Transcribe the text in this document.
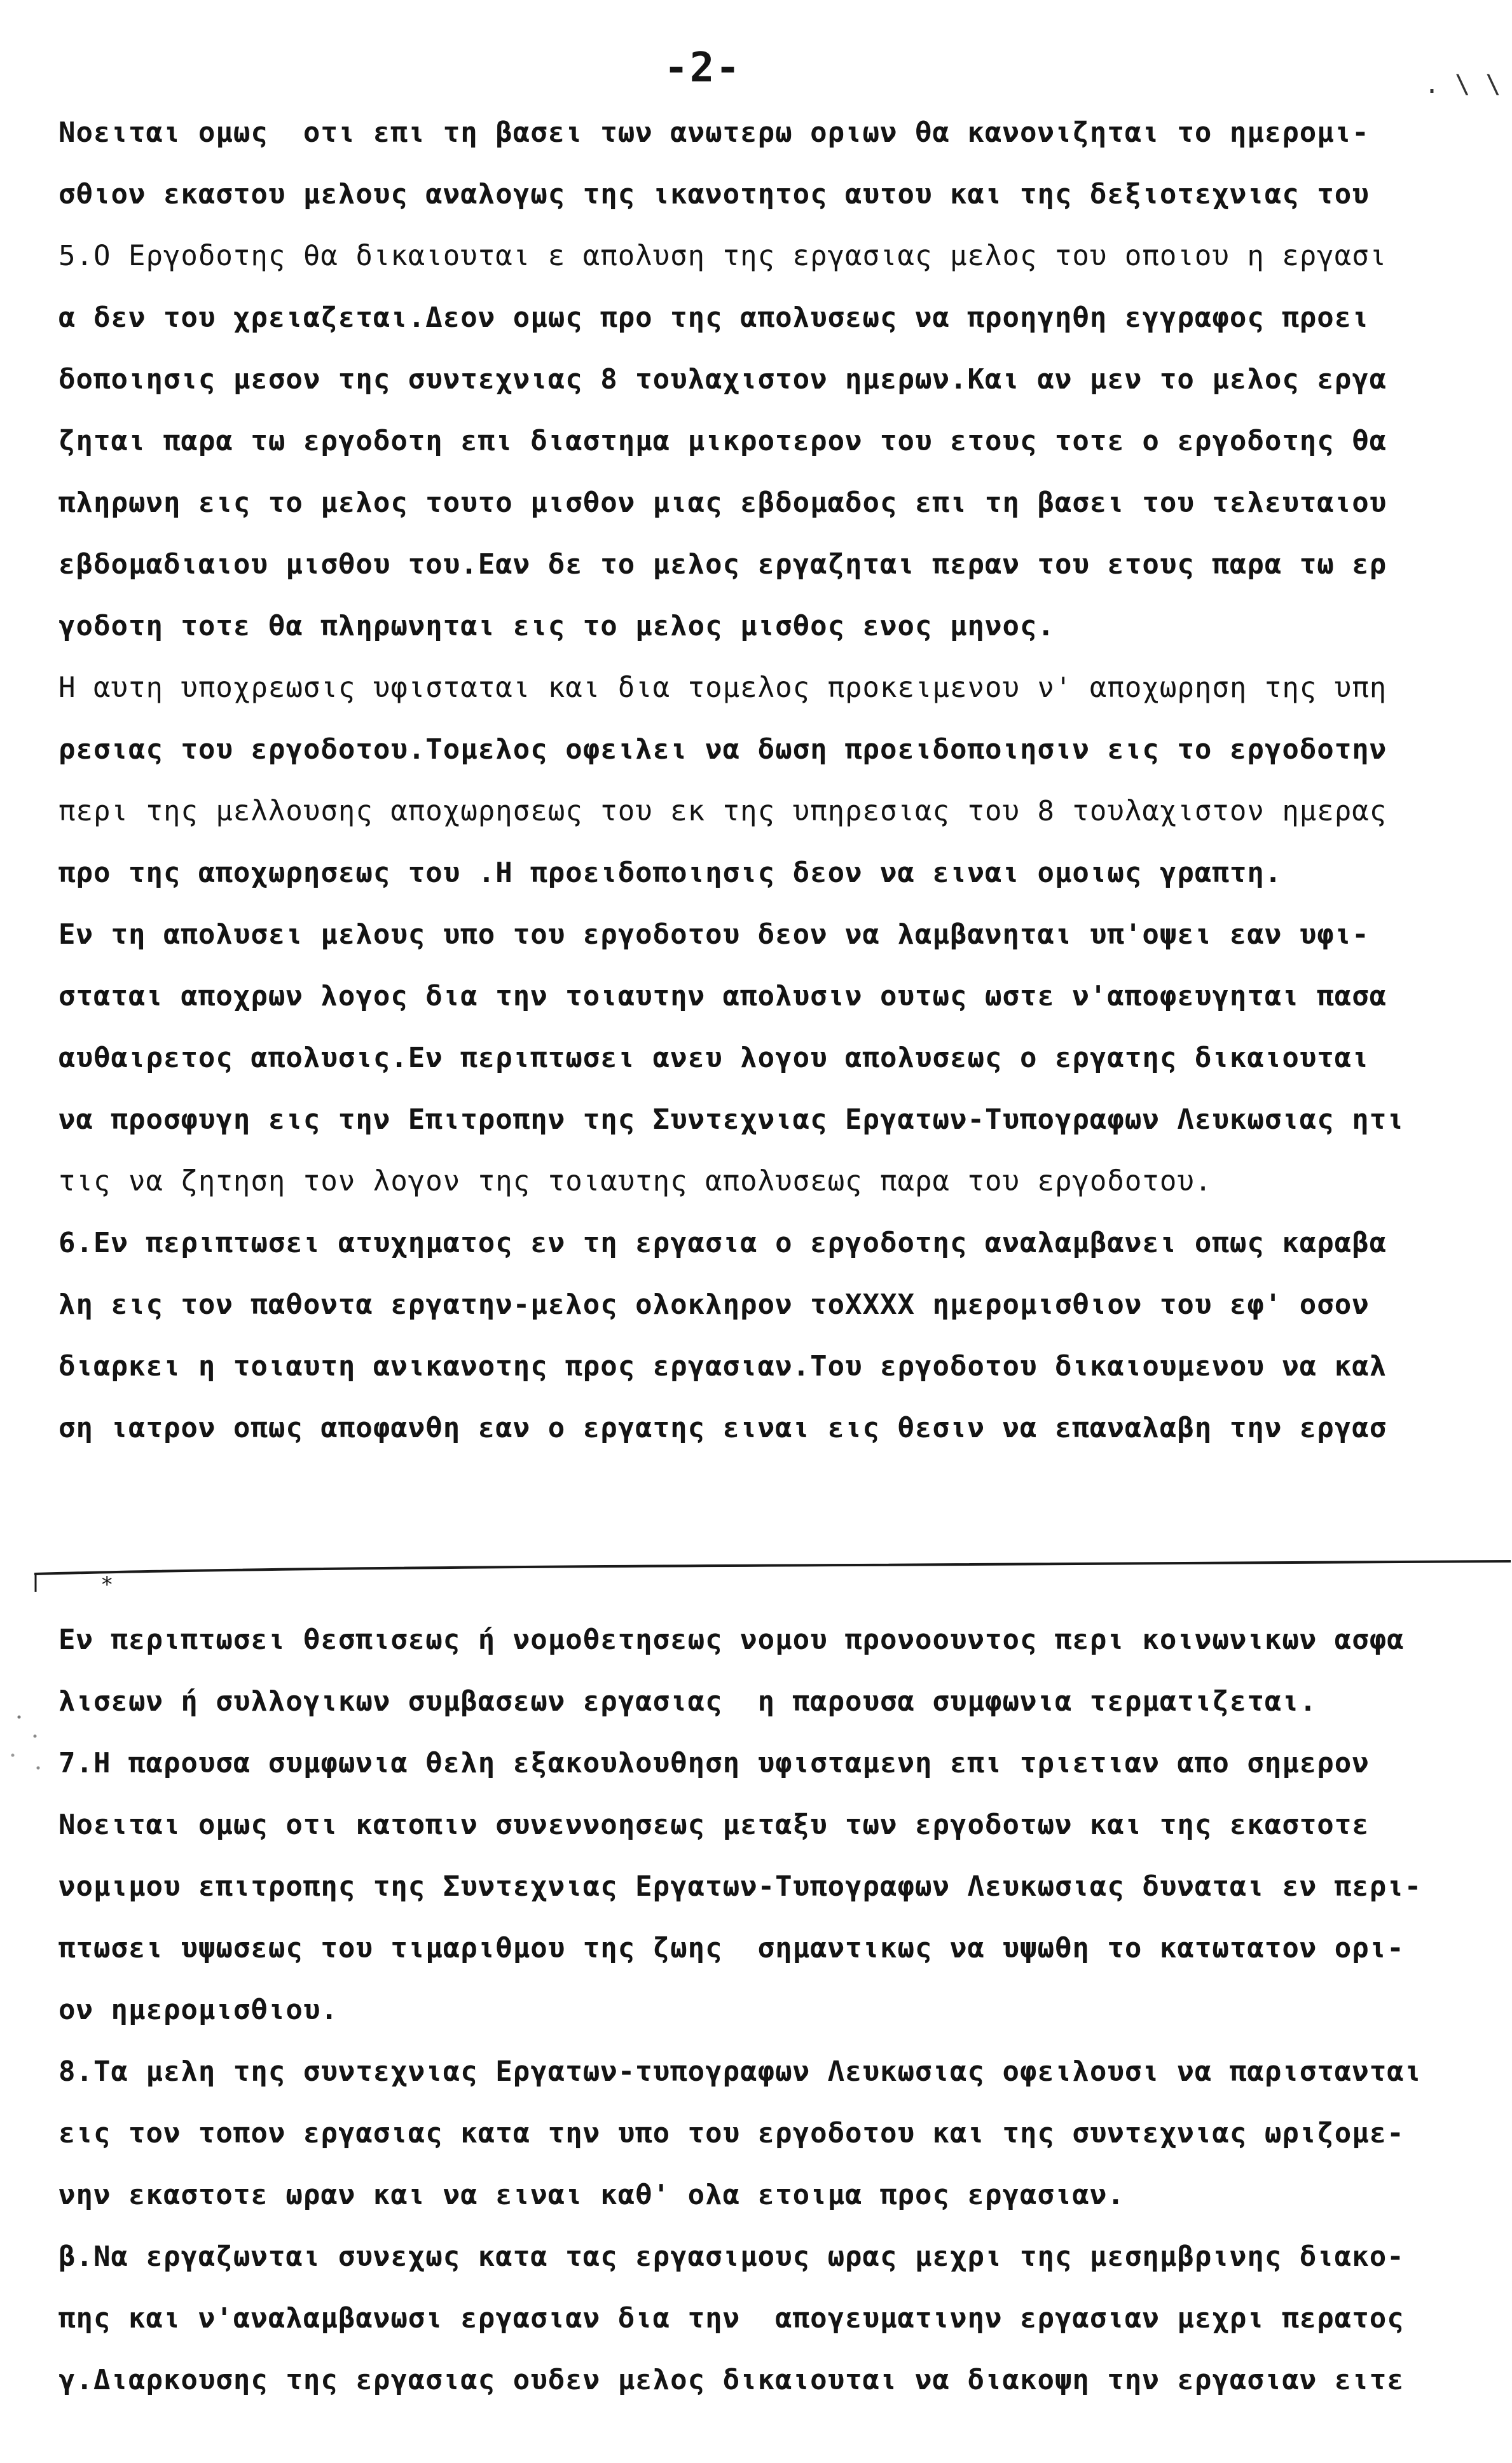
-2-	. \ \
Νοειται ομως  οτι επι τη βασει των ανωτερω οριων θα κανονιζηται το ημερομι-
σθιον εκαστου μελους αναλογως της ικανοτητος αυτου και της δεξιοτεχνιας του
5.Ο Εργοδοτης θα δικαιουται ε απολυση της εργασιας μελος του οποιου η εργασι
α δεν του χρειαζεται.Δεον ομως προ της απολυσεως να προηγηθη εγγραφος προει
δοποιησις μεσον της συντεχνιας 8 τουλαχιστον ημερων.Και αν μεν το μελος εργα
ζηται παρα τω εργοδοτη επι διαστημα μικροτερον του ετους τοτε ο εργοδοτης θα
πληρωνη εις το μελος τουτο μισθον μιας εβδομαδος επι τη βασει του τελευταιου
εβδομαδιαιου μισθου του.Εαν δε το μελος εργαζηται περαν του ετους παρα τω ερ
γοδοτη τοτε θα πληρωνηται εις το μελος μισθος ενος μηνος.
Η αυτη υποχρεωσις υφισταται και δια τομελος προκειμενου ν' αποχωρηση της υπη
ρεσιας του εργοδοτου.Τομελος οφειλει να δωση προειδοποιησιν εις το εργοδοτην
περι της μελλουσης αποχωρησεως του εκ της υπηρεσιας του 8 τουλαχιστον ημερας
προ της αποχωρησεως του .Η προειδοποιησις δεον να ειναι ομοιως γραπτη.
Εν τη απολυσει μελους υπο του εργοδοτου δεον να λαμβανηται υπ'οψει εαν υφι-
σταται αποχρων λογος δια την τοιαυτην απολυσιν ουτως ωστε ν'αποφευγηται πασα
αυθαιρετος απολυσις.Εν περιπτωσει ανευ λογου απολυσεως ο εργατης δικαιουται
να προσφυγη εις την Επιτροπην της Συντεχνιας Εργατων-Τυπογραφων Λευκωσιας ητι
τις να ζητηση τον λογον της τοιαυτης απολυσεως παρα του εργοδοτου.
6.Εν περιπτωσει ατυχηματος εν τη εργασια ο εργοδοτης αναλαμβανει οπως καραβα
λη εις τον παθοντα εργατην-μελος ολοκληρον τοXXXX ημερομισθιον του εφ' οσον
διαρκει η τοιαυτη ανικανοτης προς εργασιαν.Του εργοδοτου δικαιουμενου να καλ
ση ιατρον οπως αποφανθη εαν ο εργατης ειναι εις θεσιν να επαναλαβη την εργασ
*
Εν περιπτωσει θεσπισεως ή νομοθετησεως νομου προνοουντος περι κοινωνικων ασφα
λισεων ή συλλογικων συμβασεων εργασιας  η παρουσα συμφωνια τερματιζεται.
7.Η παρουσα συμφωνια θελη εξακουλουθηση υφισταμενη επι τριετιαν απο σημερον
Νοειται ομως οτι κατοπιν συνεννοησεως μεταξυ των εργοδοτων και της εκαστοτε
νομιμου επιτροπης της Συντεχνιας Εργατων-Τυπογραφων Λευκωσιας δυναται εν περι-
πτωσει υψωσεως του τιμαριθμου της ζωης  σημαντικως να υψωθη το κατωτατον ορι-
ον ημερομισθιου.
8.Τα μελη της συντεχνιας Εργατων-τυπογραφων Λευκωσιας οφειλουσι να παριστανται
εις τον τοπον εργασιας κατα την υπο του εργοδοτου και της συντεχνιας ωριζομε-
νην εκαστοτε ωραν και να ειναι καθ' ολα ετοιμα προς εργασιαν.
β.Να εργαζωνται συνεχως κατα τας εργασιμους ωρας μεχρι της μεσημβρινης διακο-
πης και ν'αναλαμβανωσι εργασιαν δια την  απογευματινην εργασιαν μεχρι περατος
γ.Διαρκουσης της εργασιας ουδεν μελος δικαιουται να διακοψη την εργασιαν ειτε
